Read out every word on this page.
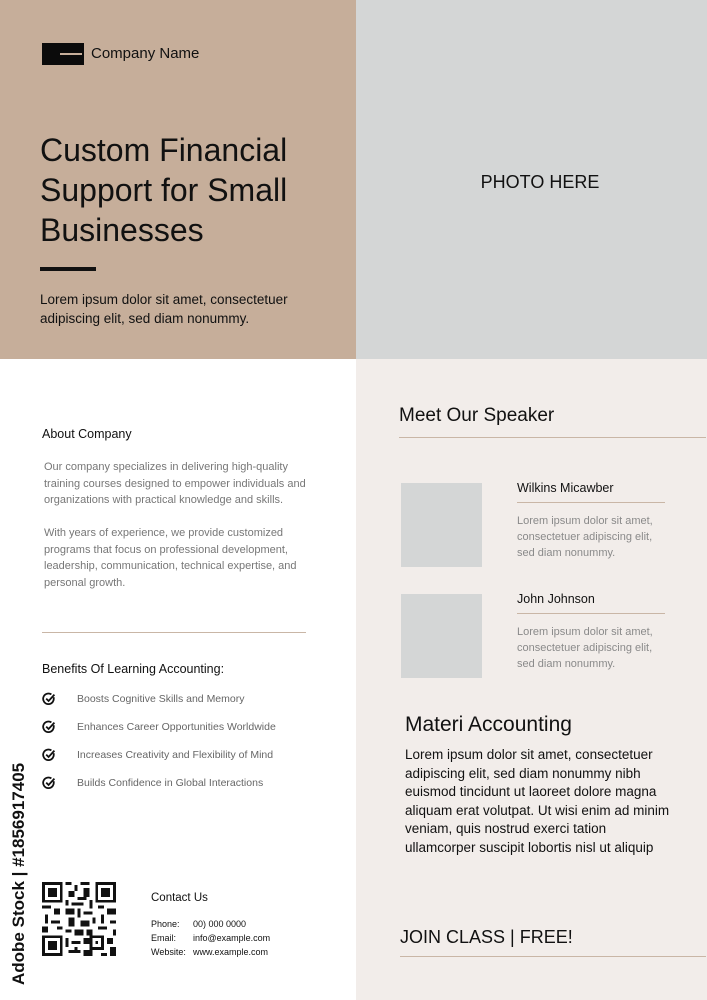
Company Name
Custom Financial
Support for Small
Businesses
Lorem ipsum dolor sit amet, consectetuer adipiscing elit, sed diam nonummy.
PHOTO HERE
Meet Our Speaker
Wilkins Micawber
Lorem ipsum dolor sit amet, consectetuer adipiscing elit, sed diam nonummy.
John Johnson
Lorem ipsum dolor sit amet, consectetuer adipiscing elit, sed diam nonummy.
Materi Accounting
Lorem ipsum dolor sit amet, consectetuer adipiscing elit, sed diam nonummy nibh euismod tincidunt ut laoreet dolore magna aliquam erat volutpat. Ut wisi enim ad minim veniam, quis nostrud exerci tation ullamcorper suscipit lobortis nisl ut aliquip
JOIN CLASS | FREE!
About Company
Our company specializes in delivering high-quality training courses designed to empower individuals and organizations with practical knowledge and skills.
With years of experience, we provide customized programs that focus on professional development, leadership, communication, technical expertise, and personal growth.
Benefits Of Learning Accounting:
Boosts Cognitive Skills and Memory
Enhances Career Opportunities Worldwide
Increases Creativity and Flexibility of Mind
Builds Confidence in Global Interactions
Contact Us
Phone:	00) 000 0000
Email:	info@example.com
Website: www.example.com
Adobe Stock | #1856917405
